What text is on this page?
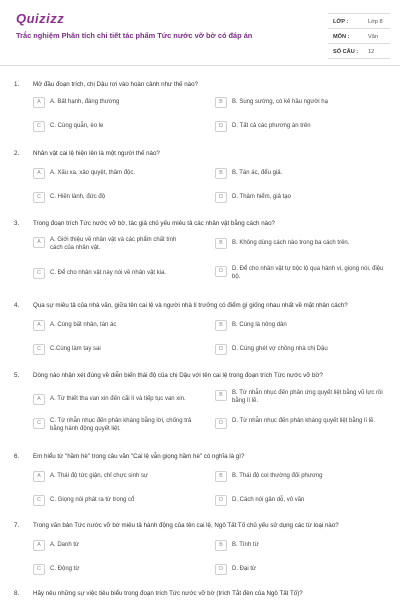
Quizizz
Trắc nghiệm Phân tích chi tiết tác phẩm Tức nước vỡ bờ có đáp án
LỚP :	Lớp 8
MÔN :	Văn
SỐ CÂU : 12
1. Mở đầu đoạn trích, chị Dậu rơi vào hoàn cảnh như thế nào?
A	A. Bất hạnh, đáng thương	B	B. Sung sướng, có kẻ hầu người hạ
C	C. Cùng quẫn, éo le	D	D. Tất cả các phương án trên
2. Nhân vật cai lệ hiện lên là một người thế nào?
A	A. Xấu xa, xảo quyệt, thâm độc.	B	B. Tàn ác, đểu giả.
C	C. Hiền lành, đức độ	D	D. Thâm hiểm, giả tạo
3. Trong đoạn trích Tức nước vỡ bờ, tác giả chủ yếu miêu tả các nhân vật bằng cách nào?
A	A. Giới thiệu về nhân vật và các phẩm chất tính cách của nhân vật.
B	B. Không dùng cách nào trong ba cách trên.
C	C. Để cho nhân vật này nói về nhân vật kia.	D	D. Để cho nhân vật tự bộc lộ qua hành vi, giọng nói, điệu bộ.
4. Qua sự miêu tả của nhà văn, giữa tên cai lệ và người nhà lí trưởng có điểm gì giống nhau nhất về mặt nhân cách?
A	A. Cùng bất nhân, tàn ác	B	B. Cùng là nông dân
C	C.Cùng làm tay sai	D	D. Cùng ghét vợ chồng nhà chị Dậu
5. Dòng nào nhận xét đúng về diễn biến thái độ của chị Dậu với tên cai lệ trong đoạn trích Tức nước vỡ bờ?
A	A. Từ thiết tha van xin đến cãi lí và tiếp tục van xin.
B	B. Từ nhẫn nhục đến phản ứng quyết liệt bằng vũ lực rồi bằng lí lẽ.
C	C. Từ nhẫn nhục đến phản kháng bằng lời, chống trả bằng hành động quyết liệt.
D	D. Từ nhẫn nhục đến phản kháng quyết liệt bằng lí lẽ.
6. Em hiểu từ "hầm hè" trong câu văn "Cai lệ vẫn giọng hầm hè" có nghĩa là gì?
A	A. Thái độ tức giận, chỉ chực sinh sự	B	B. Thái độ coi thường đối phương
C	C. Giọng nói phát ra từ trong cổ	D	D. Cách nói gân dỗ, vô văn
7. Trong văn bản Tức nước vỡ bờ miêu tả hành động của tên cai lệ, Ngô Tất Tố chủ yếu sử dụng các từ loại nào?
A	A. Danh từ	B	B. Tính từ
C	C. Động từ	D	D. Đại từ
8. Hãy nêu những sự việc tiêu biểu trong đoạn trích Tức nước vỡ bờ (trích Tắt đèn của Ngô Tất Tố)?
